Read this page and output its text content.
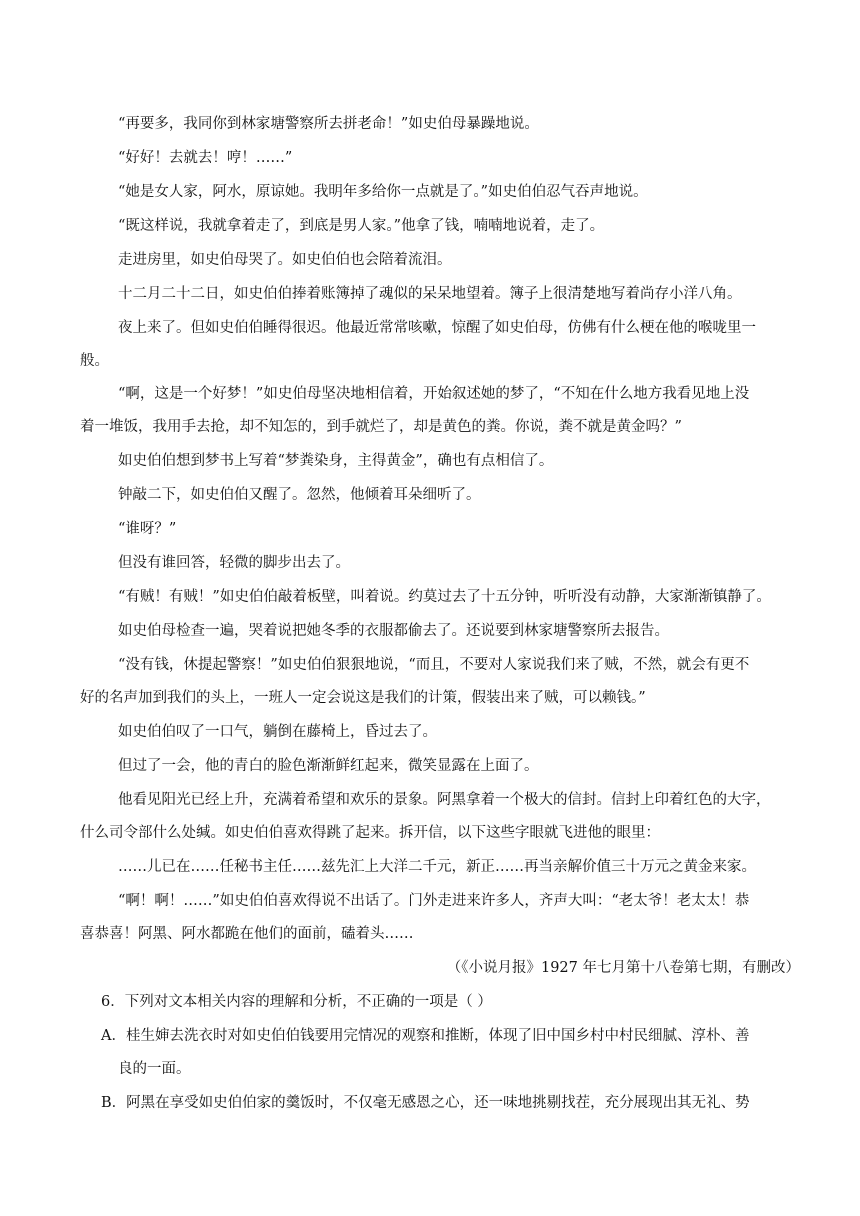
“再要多，我同你到林家塘警察所去拼老命！”如史伯母暴躁地说。
“好好！去就去！哼！……”
“她是女人家，阿水，原谅她。我明年多给你一点就是了。”如史伯伯忍气吞声地说。
“既这样说，我就拿着走了，到底是男人家。”他拿了钱，喃喃地说着，走了。
走进房里，如史伯母哭了。如史伯伯也会陪着流泪。
十二月二十二日，如史伯伯捧着账簿掉了魂似的呆呆地望着。簿子上很清楚地写着尚存小洋八角。
夜上来了。但如史伯伯睡得很迟。他最近常常咳嗽，惊醒了如史伯母，仿佛有什么梗在他的喉咙里一
般。
“啊，这是一个好梦！”如史伯母坚决地相信着，开始叙述她的梦了，“不知在什么地方我看见地上没
着一堆饭，我用手去抢，却不知怎的，到手就烂了，却是黄色的粪。你说，粪不就是黄金吗？”
如史伯伯想到梦书上写着“梦粪染身，主得黄金”，确也有点相信了。
钟敲二下，如史伯伯又醒了。忽然，他倾着耳朵细听了。
“谁呀？”
但没有谁回答，轻微的脚步出去了。
“有贼！有贼！”如史伯伯敲着板壁，叫着说。约莫过去了十五分钟，听听没有动静，大家渐渐镇静了。
如史伯母检查一遍，哭着说把她冬季的衣服都偷去了。还说要到林家塘警察所去报告。
“没有钱，休提起警察！”如史伯伯狠狠地说，“而且，不要对人家说我们来了贼，不然，就会有更不
好的名声加到我们的头上，一班人一定会说这是我们的计策，假装出来了贼，可以赖钱。”
如史伯伯叹了一口气，躺倒在藤椅上，昏过去了。
但过了一会，他的青白的脸色渐渐鲜红起来，微笑显露在上面了。
他看见阳光已经上升，充满着希望和欢乐的景象。阿黑拿着一个极大的信封。信封上印着红色的大字，
什么司令部什么处缄。如史伯伯喜欢得跳了起来。拆开信，以下这些字眼就飞进他的眼里：
……儿已在……任秘书主任……兹先汇上大洋二千元，新正……再当亲解价值三十万元之黄金来家。
“啊！啊！……”如史伯伯喜欢得说不出话了。门外走进来许多人，齐声大叫：“老太爷！老太太！恭
喜恭喜！阿黑、阿水都跪在他们的面前，磕着头……
（《小说月报》1927 年七月第十八卷第七期，有删改）
6．下列对文本相关内容的理解和分析，不正确的一项是（ ）
A．桂生婶去洗衣时对如史伯伯钱要用完情况的观察和推断，体现了旧中国乡村中村民细腻、淳朴、善
良的一面。
B．阿黑在享受如史伯伯家的羹饭时，不仅毫无感恩之心，还一味地挑剔找茬，充分展现出其无礼、势
